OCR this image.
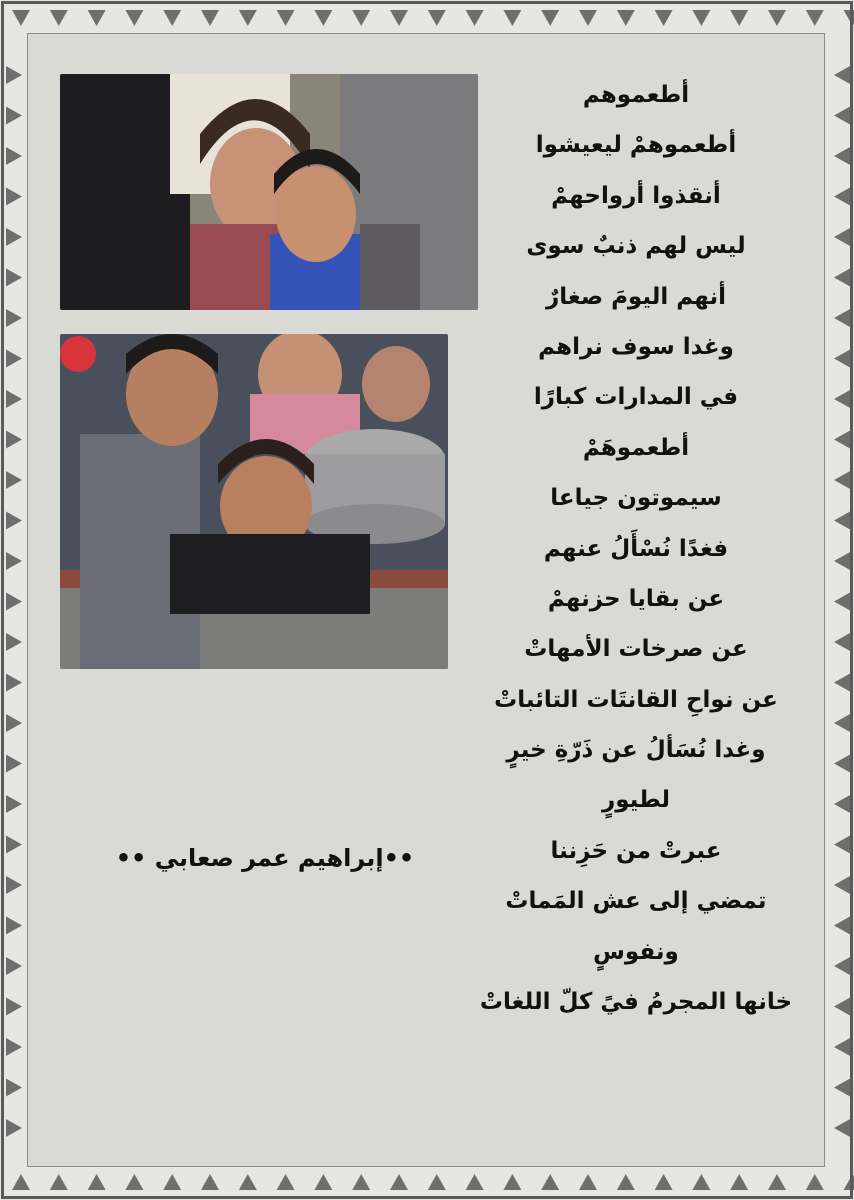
أطعموهم
أطعموهمْ ليعيشوا
أنقذوا أرواحهمْ
ليس لهم ذنبٌ سوى
أنهم اليومَ صغارٌ
وغدا سوف نراهم
في المدارات كبارًا
أطعموهَمْ
سيموتون جياعا
فغدًا نُسْأَلُ عنهم
عن بقايا حزنهمْ
عن صرخات الأمهاتْ
عن نواحِ القانتَات التائباتْ
وغدا نُسَألُ عن ذَرّةِ خيرٍ
لطيورٍ
عبرتْ من حَزِننا
تمضي إلى عش المَماتْ
ونفوسٍ
خانها المجرمُ فيً كلّ اللغاتْ
••إبراهيم عمر صعابي ••
